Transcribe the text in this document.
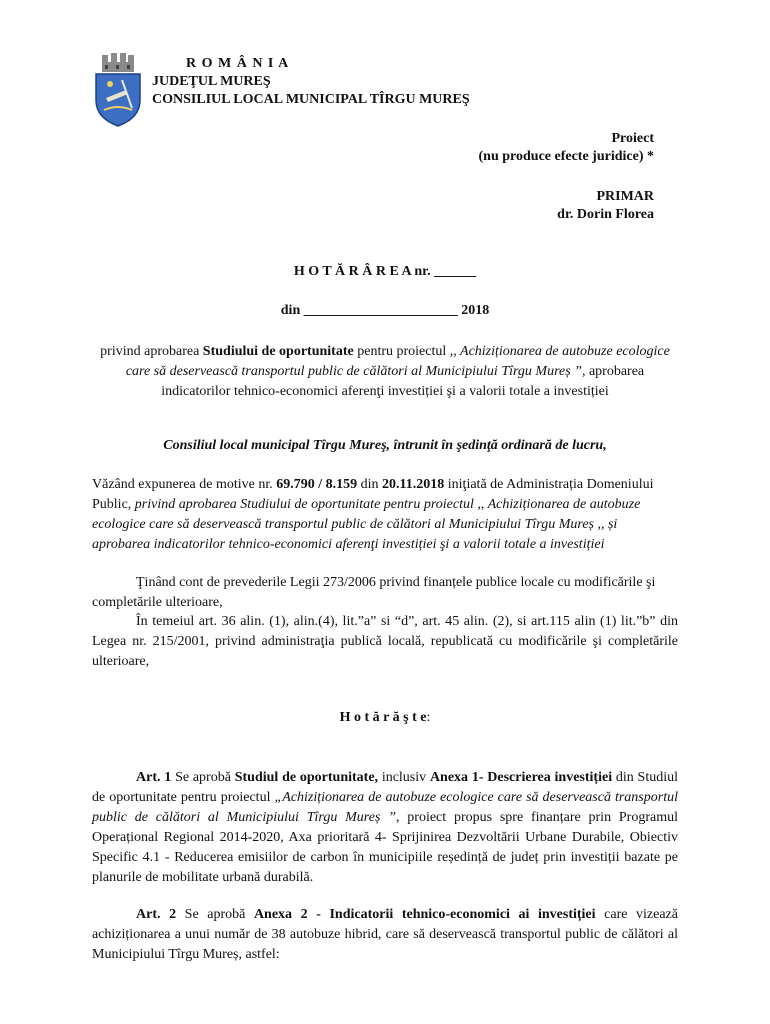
R O M Â N I A
JUDEŢUL MUREŞ
CONSILIUL LOCAL MUNICIPAL TÎRGU MUREŞ
Proiect
(nu produce efecte juridice) *
PRIMAR
dr. Dorin Florea
H O T Ă R Â R E A nr. ______
din ______________________ 2018
privind aprobarea Studiului de oportunitate pentru proiectul ,, Achiziționarea de autobuze ecologice care să deservească transportul public de călători al Municipiului Tîrgu Mureș ”, aprobarea indicatorilor tehnico-economici aferenţi investiției şi a valorii totale a investiției
Consiliul local municipal Tîrgu Mureş, întrunit în şedinţă ordinară de lucru,
Văzând expunerea de motive nr. 69.790 / 8.159 din 20.11.2018 iniţiată de Administrația Domeniului Public, privind aprobarea Studiului de oportunitate pentru proiectul ,, Achiziționarea de autobuze ecologice care să deservească transportul public de călători al Municipiului Tîrgu Mureș ,, și aprobarea indicatorilor tehnico-economici aferenţi investiției şi a valorii totale a investiției
Ţinând cont de prevederile Legii 273/2006 privind finanțele publice locale cu modificările şi completările ulterioare,
În temeiul art. 36 alin. (1), alin.(4), lit.”a” si “d”, art. 45 alin. (2), si art.115 alin (1) lit.”b” din Legea nr. 215/2001, privind administraţia publică locală, republicată cu modificările şi completările ulterioare,
H o t ă r ă ş t e:
Art. 1 Se aprobă Studiul de oportunitate, inclusiv Anexa 1- Descrierea investiției din Studiul de oportunitate pentru proiectul „Achiziționarea de autobuze ecologice care să deservească transportul public de călători al Municipiului Tîrgu Mureș ”, proiect propus spre finanțare prin Programul Operațional Regional 2014-2020, Axa prioritară 4- Sprijinirea Dezvoltării Urbane Durabile, Obiectiv Specific 4.1 - Reducerea emisiilor de carbon în municipiile reședință de județ prin investiții bazate pe planurile de mobilitate urbană durabilă.
Art. 2 Se aprobă Anexa 2 - Indicatorii tehnico-economici ai investiției care vizează achiziționarea a unui număr de 38 autobuze hibrid, care să deservească transportul public de călători al Municipiului Tîrgu Mureș, astfel:
